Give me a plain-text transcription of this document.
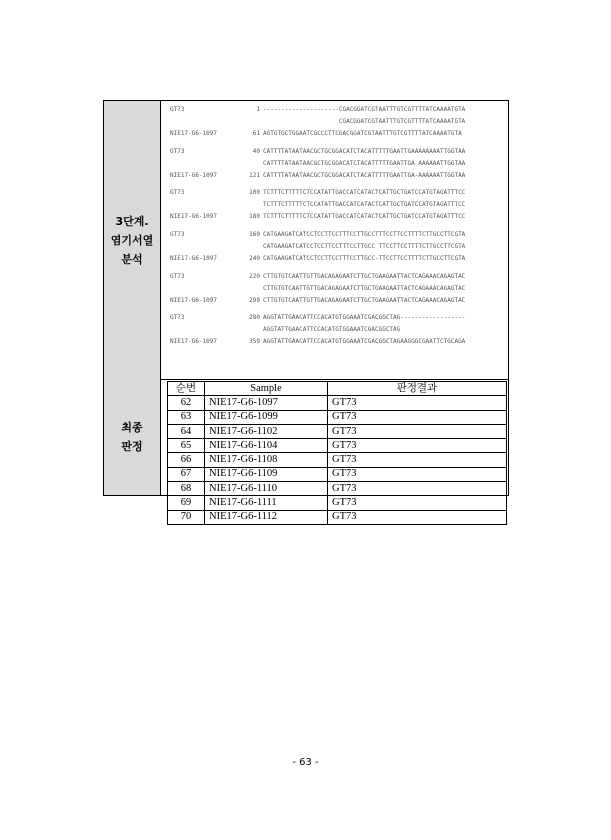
3단계.
염기서열
분석
최종
판정
GT73	1 ---------------------CGACGGATCGTAATTTGTCGTTTTATCAAAATGTA
CGACGGATCGTAATTTGTCGTTTTATCAAAATGTA
NIE17-G6-1097	61 AGTGTGCTGGAATCGCCCTTCGACGGATCGTAATTTGTCGTTTTATCAAAATGTA
GT73	40 CATTTTATAATAACGCTGCGGACATCTACATTTTTGAATTGAAAAAAAATTGGTAA
CATTTTATAATAACGCTGCGGACATCTACATTTTTGAATTGA AAAAAATTGGTAA
NIE17-G6-1097	121 CATTTTATAATAACGCTGCGGACATCTACATTTTTGAATTGA-AAAAAATTGGTAA
GT73	100 TCTTTCTTTTTCTCCATATTGACCATCATACTCATTGCTGATCCATGTAGATTTCC
TCTTTCTTTTTCTCCATATTGACCATCATACTCATTGCTGATCCATGTAGATTTCC
NIE17-G6-1097	180 TCTTTCTTTTTCTCCATATTGACCATCATACTCATTGCTGATCCATGTAGATTTCC
GT73	160 CATGAAGATCATCCTCCTTCCTTTCCTTGCCTTTCCTTCCTTTTCTTGCCTTCGTA
CATGAAGATCATCCTCCTTCCTTTCCTTGCC TTCCTTCCTTTTCTTGCCTTCGTA
NIE17-G6-1097	240 CATGAAGATCATCCTCCTTCCTTTCCTTGCC-TTCCTTCCTTTTCTTGCCTTCGTA
GT73	220 CTTGTGTCAATTGTTGACAGAGAATCTTGCTGAAGAATTACTCAGAAACAGAGTAC
CTTGTGTCAATTGTTGACAGAGAATCTTGCTGAAGAATTACTCAGAAACAGAGTAC
NIE17-G6-1097	299 CTTGTGTCAATTGTTGACAGAGAATCTTGCTGAAGAATTACTCAGAAACAGAGTAC
GT73	280 AGGTATTGAACATTCCACATGTGGAAATCGACGGCTAG------------------
AGGTATTGAACATTCCACATGTGGAAATCGACGGCTAG
NIE17-G6-1097	359 AGGTATTGAACATTCCACATGTGGAAATCGACGGCTAGAAGGGCGAATTCTGCAGA
순번	Sample	판정결과
62	NIE17-G6-1097	GT73
63	NIE17-G6-1099	GT73
64	NIE17-G6-1102	GT73
65	NIE17-G6-1104	GT73
66	NIE17-G6-1108	GT73
67	NIE17-G6-1109	GT73
68	NIE17-G6-1110	GT73
69	NIE17-G6-1111	GT73
70	NIE17-G6-1112	GT73
- 63 -
